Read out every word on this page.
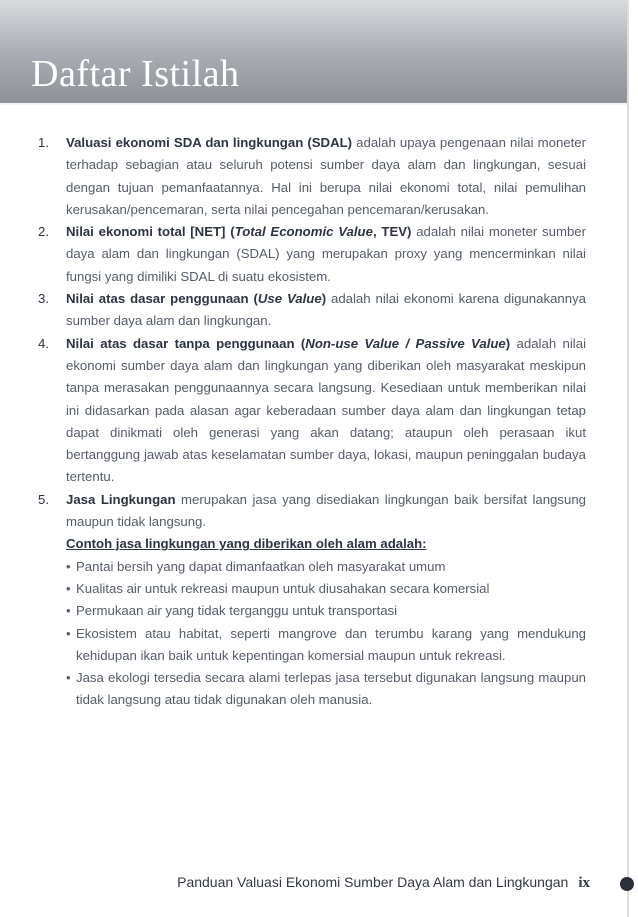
Daftar Istilah
1.	Valuasi ekonomi SDA dan lingkungan (SDAL) adalah upaya pengenaan nilai moneter terhadap sebagian atau seluruh potensi sumber daya alam dan lingkungan, sesuai dengan tujuan pemanfaatannya. Hal ini berupa nilai ekonomi total, nilai pemulihan kerusakan/pencemaran, serta nilai pencegahan pencemaran/kerusakan.
2.	Nilai ekonomi total [NET] (Total Economic Value, TEV) adalah nilai moneter sumber daya alam dan lingkungan (SDAL) yang merupakan proxy yang mencerminkan nilai fungsi yang dimiliki SDAL di suatu ekosistem.
3.	Nilai atas dasar penggunaan (Use Value) adalah nilai ekonomi karena digunakannya sumber daya alam dan lingkungan.
4.	Nilai atas dasar tanpa penggunaan (Non-use Value / Passive Value) adalah nilai ekonomi sumber daya alam dan lingkungan yang diberikan oleh masyarakat meskipun tanpa merasakan penggunaannya secara langsung. Kesediaan untuk memberikan nilai ini didasarkan pada alasan agar keberadaan sumber daya alam dan lingkungan tetap dapat dinikmati oleh generasi yang akan datang; ataupun oleh perasaan ikut bertanggung jawab atas keselamatan sumber daya, lokasi, maupun peninggalan budaya tertentu.
5.	Jasa Lingkungan merupakan jasa yang disediakan lingkungan baik bersifat langsung maupun tidak langsung.
Contoh jasa lingkungan yang diberikan oleh alam adalah:
• Pantai bersih yang dapat dimanfaatkan oleh masyarakat umum
• Kualitas air untuk rekreasi maupun untuk diusahakan secara komersial
• Permukaan air yang tidak terganggu untuk transportasi
• Ekosistem atau habitat, seperti mangrove dan terumbu karang yang mendukung kehidupan ikan baik untuk kepentingan komersial maupun untuk rekreasi.
• Jasa ekologi tersedia secara alami terlepas jasa tersebut digunakan langsung maupun tidak langsung atau tidak digunakan oleh manusia.
Panduan Valuasi Ekonomi Sumber Daya Alam dan Lingkungan ix
